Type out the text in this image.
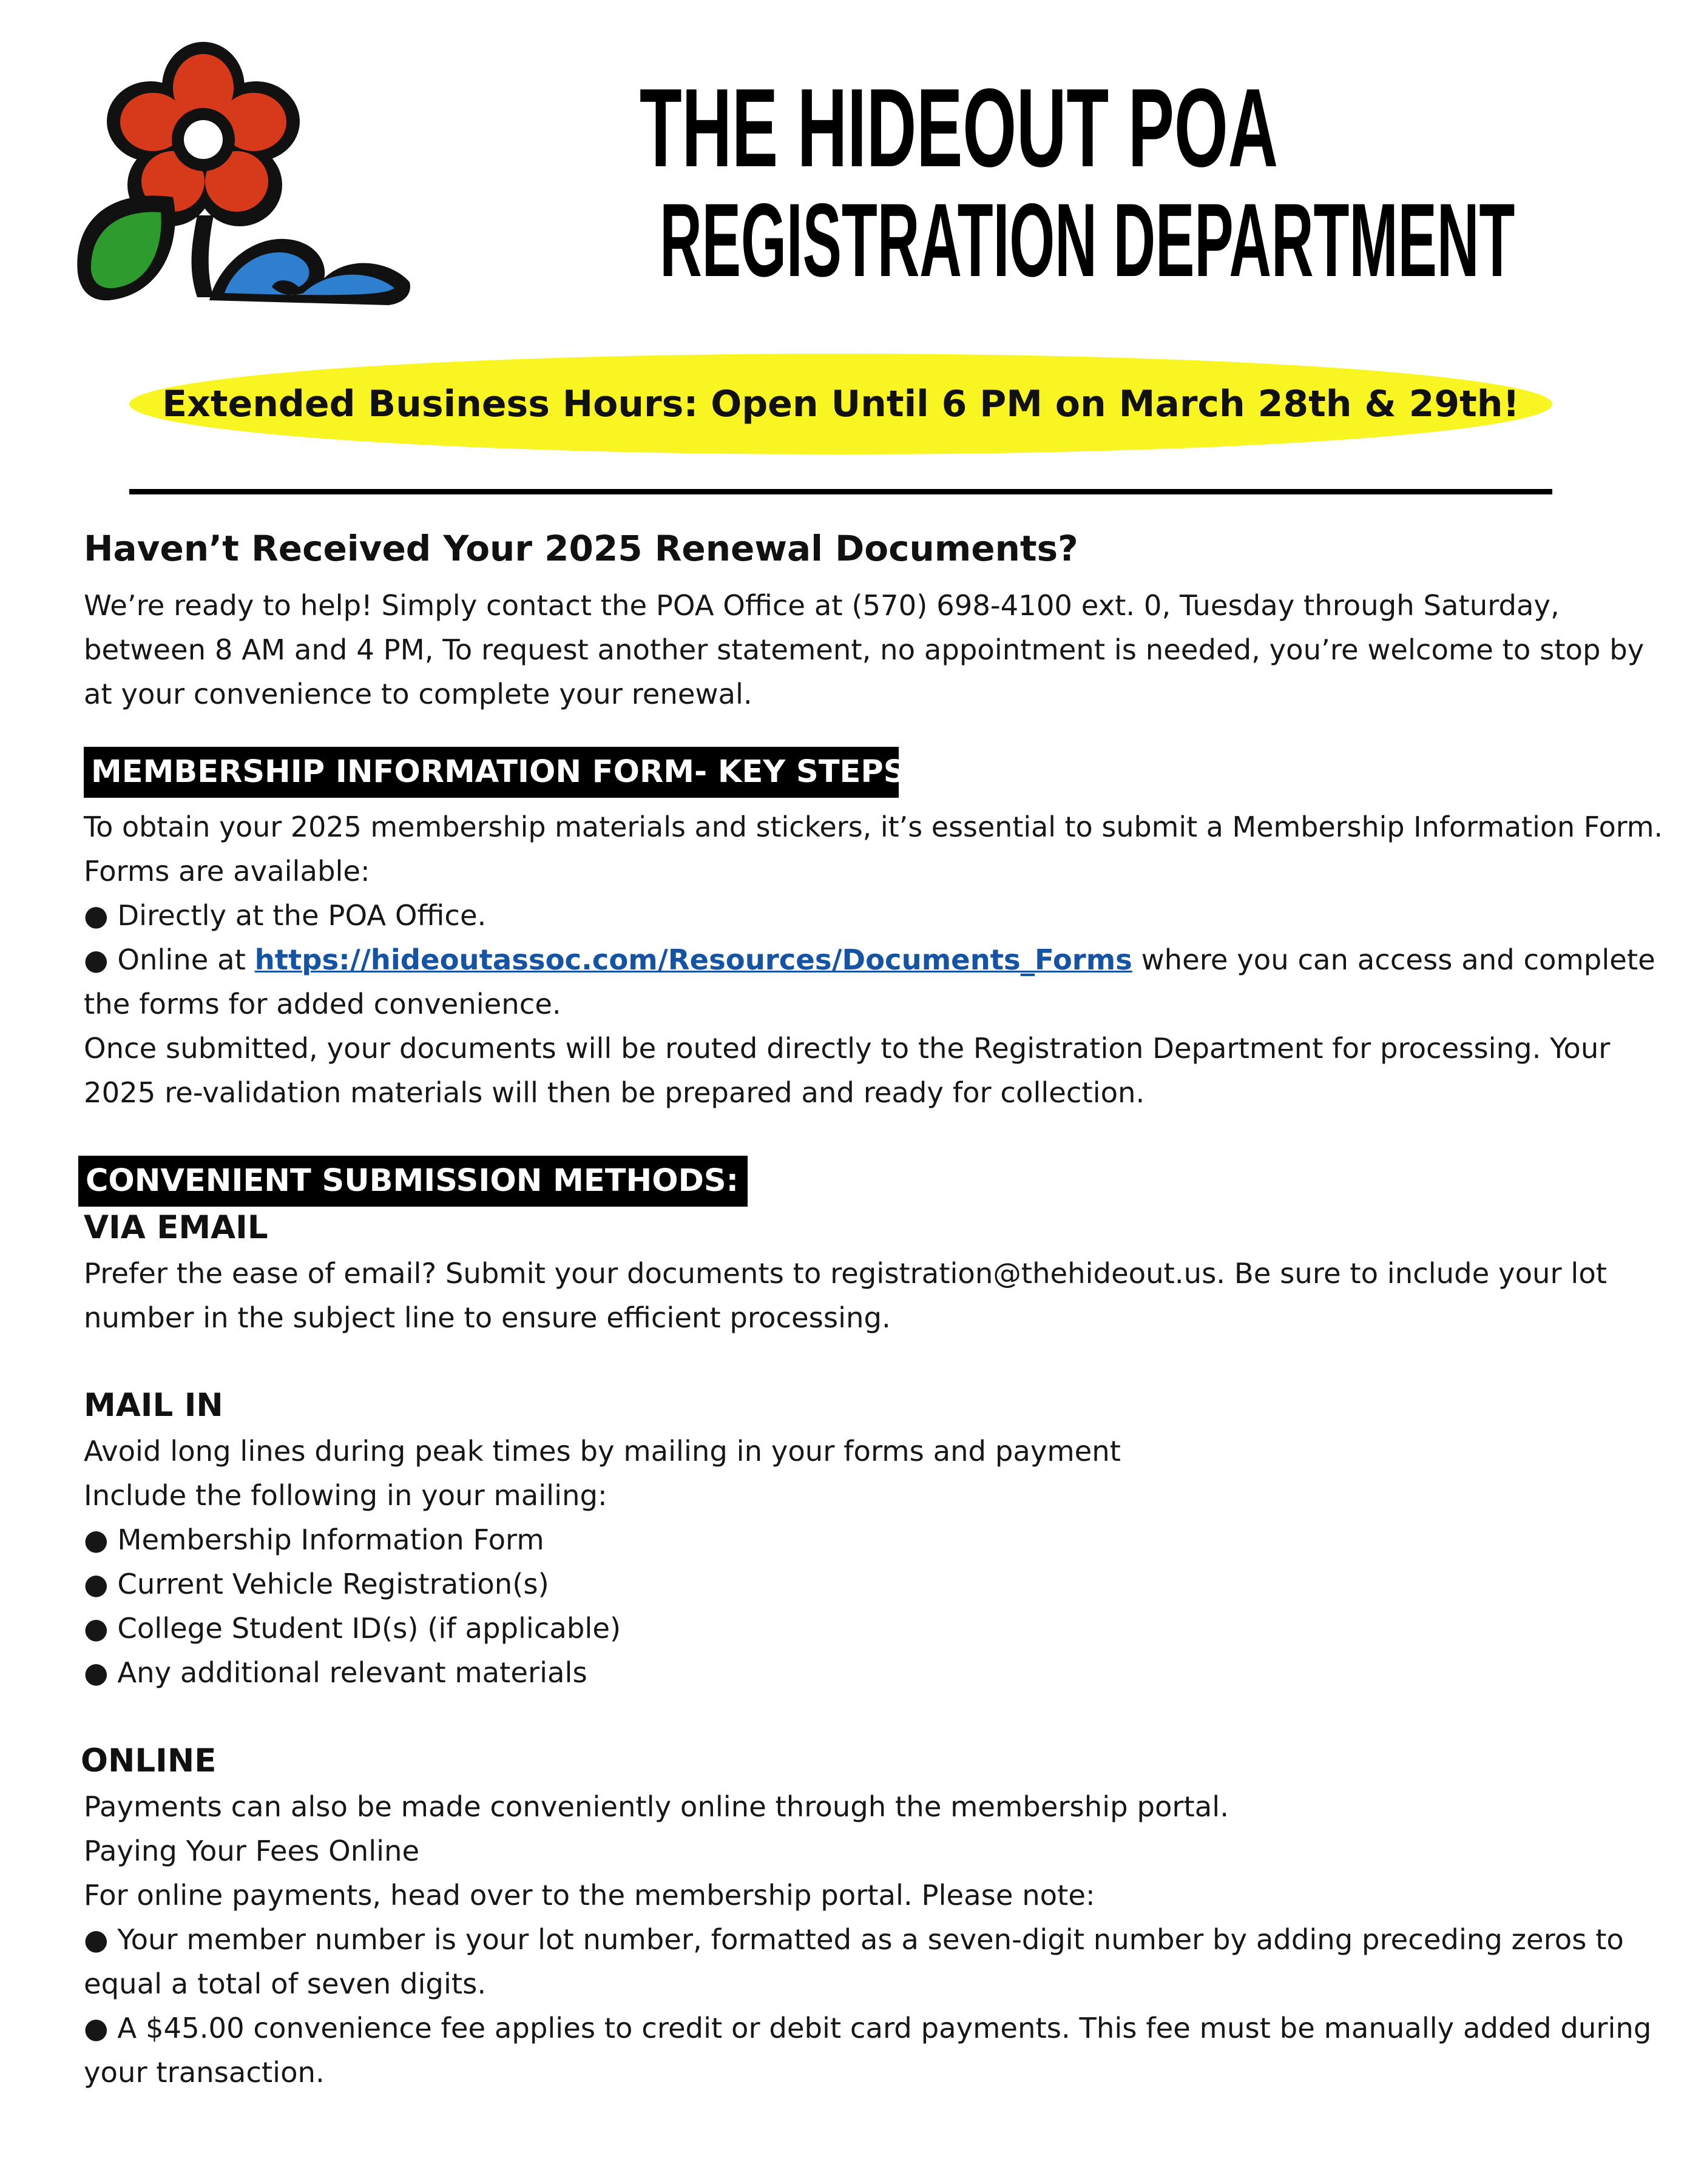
THE HIDEOUT POA
REGISTRATION DEPARTMENT
Extended Business Hours: Open Until 6 PM on March 28th & 29th!
Haven’t Received Your 2025 Renewal Documents?
We’re ready to help! Simply contact the POA Office at (570) 698-4100 ext. 0, Tuesday through Saturday,
between 8 AM and 4 PM, To request another statement, no appointment is needed, you’re welcome to stop by
at your convenience to complete your renewal.
MEMBERSHIP INFORMATION FORM- KEY STEPS:
To obtain your 2025 membership materials and stickers, it’s essential to submit a Membership Information Form.
Forms are available:
● Directly at the POA Office.
● Online at https://hideoutassoc.com/Resources/Documents_Forms where you can access and complete
the forms for added convenience.
Once submitted, your documents will be routed directly to the Registration Department for processing. Your
2025 re-validation materials will then be prepared and ready for collection.
CONVENIENT SUBMISSION METHODS:
VIA EMAIL
Prefer the ease of email? Submit your documents to registration@thehideout.us. Be sure to include your lot
number in the subject line to ensure efficient processing.
MAIL IN
Avoid long lines during peak times by mailing in your forms and payment
Include the following in your mailing:
● Membership Information Form
● Current Vehicle Registration(s)
● College Student ID(s) (if applicable)
● Any additional relevant materials
ONLINE
Payments can also be made conveniently online through the membership portal.
Paying Your Fees Online
For online payments, head over to the membership portal. Please note:
● Your member number is your lot number, formatted as a seven-digit number by adding preceding zeros to
equal a total of seven digits.
● A $45.00 convenience fee applies to credit or debit card payments. This fee must be manually added during
your transaction.
